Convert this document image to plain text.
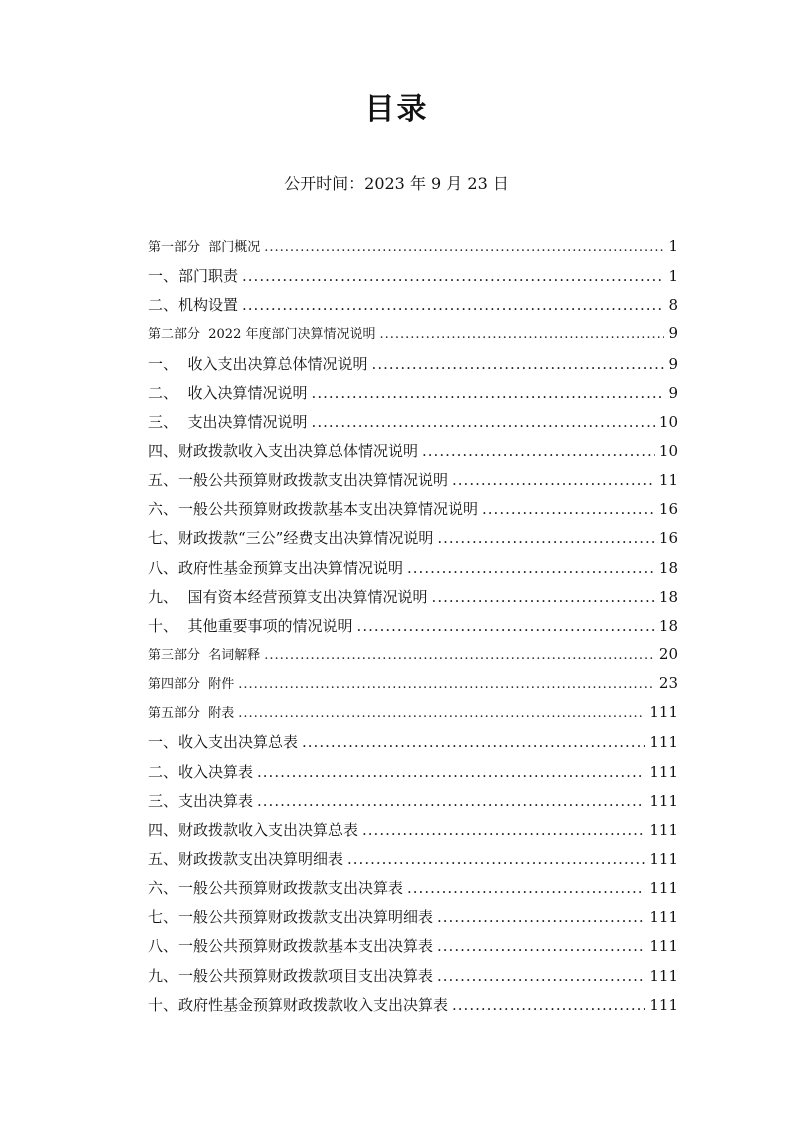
目录
公开时间：2023 年 9 月 23 日
第一部分  部门概况 .....	1
一、部门职责 .....	1
二、机构设置 .....	8
第二部分  2022 年度部门决算情况说明 .....	9
一、  收入支出决算总体情况说明 .....	9
二、  收入决算情况说明 .....	9
三、  支出决算情况说明 .....	10
四、财政拨款收入支出决算总体情况说明 .....	10
五、一般公共预算财政拨款支出决算情况说明 .....	11
六、一般公共预算财政拨款基本支出决算情况说明 .....	16
七、财政拨款“三公”经费支出决算情况说明 .....	16
八、政府性基金预算支出决算情况说明 .....	18
九、  国有资本经营预算支出决算情况说明 .....	18
十、  其他重要事项的情况说明 .....	18
第三部分  名词解释 .....	20
第四部分  附件 .....	23
第五部分  附表 .....	111
一、收入支出决算总表 .....	111
二、收入决算表 .....	111
三、支出决算表 .....	111
四、财政拨款收入支出决算总表 .....	111
五、财政拨款支出决算明细表 .....	111
六、一般公共预算财政拨款支出决算表 .....	111
七、一般公共预算财政拨款支出决算明细表 .....	111
八、一般公共预算财政拨款基本支出决算表 .....	111
九、一般公共预算财政拨款项目支出决算表 .....	111
十、政府性基金预算财政拨款收入支出决算表 .....	111
